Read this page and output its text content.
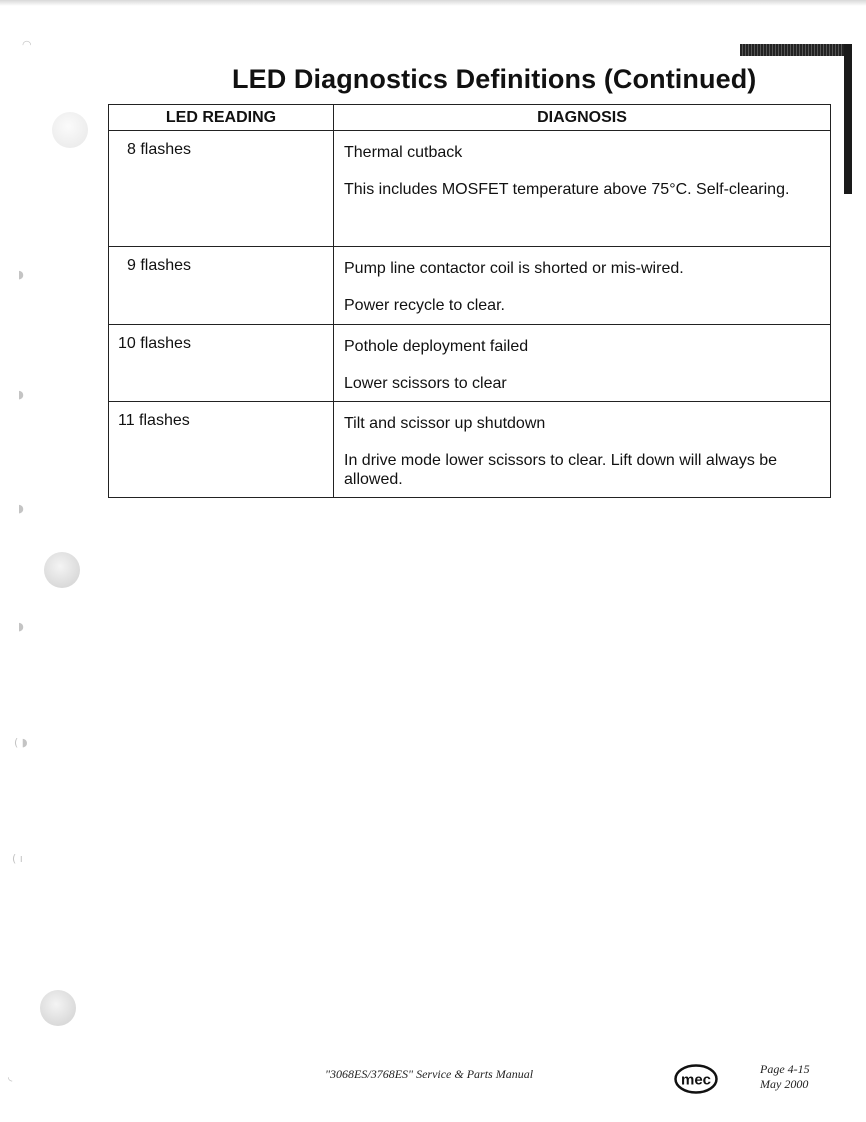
◠
◗
◗
◗
◗
( ◗
( ı
◟
LED Diagnostics Definitions (Continued)
LED READING	DIAGNOSIS
8 flashes	Thermal cutback

This includes MOSFET temperature above 75°C. Self-clearing.

9 flashes	Pump line contactor coil is shorted or mis-wired.

Power recycle to clear.

10 flashes	Pothole deployment failed

Lower scissors to clear

11 flashes	Tilt and scissor up shutdown

In drive mode lower scissors to clear. Lift down will always be allowed.

"3068ES/3768ES" Service & Parts Manual	mec
Page 4-15
May 2000
